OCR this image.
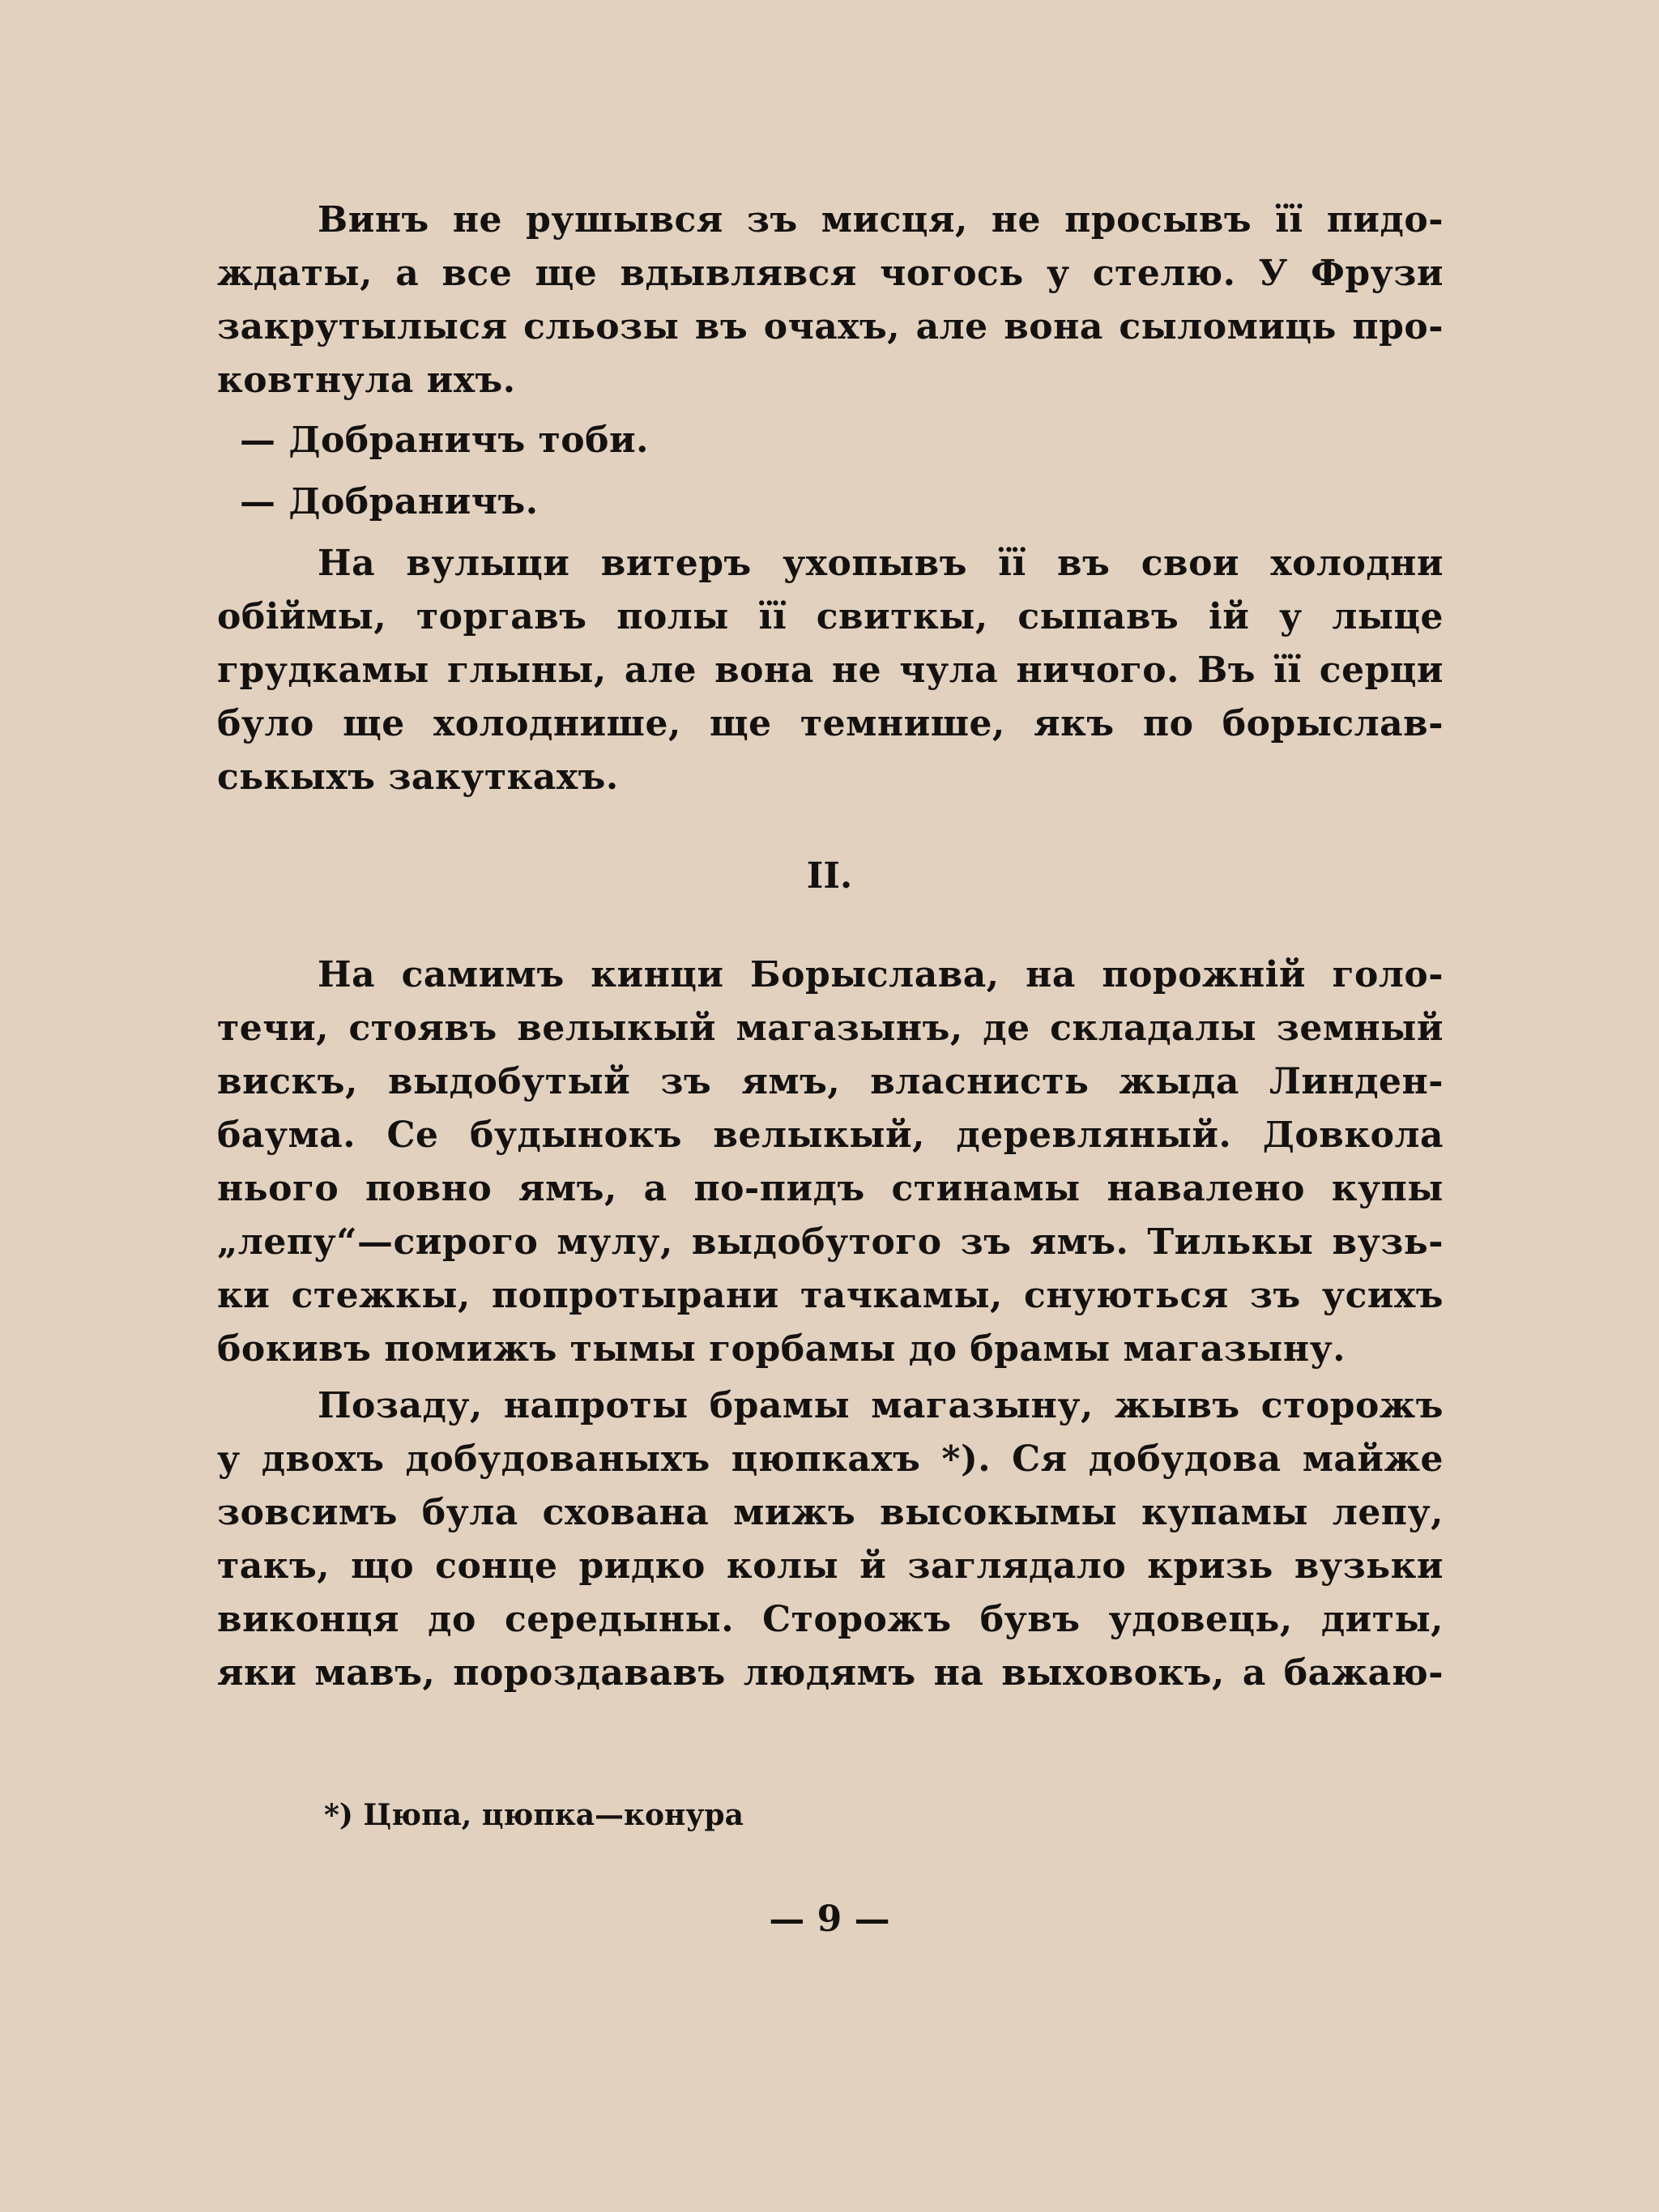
Винъ не рушывся зъ мисця, не просывъ її пидо-
ждаты, а все ще вдывлявся чогось у стелю. У Фрузи
закрутылыся сльозы въ очахъ, але вона сыломиць про-
ковтнула ихъ.
— Добраничъ тоби.
— Добраничъ.
На вулыци витеръ ухопывъ її въ свои холодни
обiймы, торгавъ полы її свиткы, сыпавъ ій у лыце
грудкамы глыны, але вона не чула ничого. Въ її серци
було ще холоднише, ще темнише, якъ по борыслав-
ськыхъ закуткахъ.
II.
На самимъ кинци Борыслава, на порожній голо-
течи, стоявъ велыкый магазынъ, де складалы земный
вискъ, выдобутый зъ ямъ, власнисть жыда Линден-
баума. Се будынокъ велыкый, деревляный. Довкола
нього повно ямъ, а по-пидъ стинамы навалено купы
„лепу“—сирого мулу, выдобутого зъ ямъ. Тилькы вузь-
ки стежкы, попротырани тачкамы, снуються зъ усихъ
бокивъ помижъ тымы горбамы до брамы магазыну.
Позаду, напроты брамы магазыну, жывъ сторожъ
у двохъ добудованыхъ цюпкахъ *). Ся добудова майже
зовсимъ була схована мижъ высокымы купамы лепу,
такъ, що сонце ридко колы й заглядало кризь вузьки
виконця до середыны. Сторожъ бувъ удовець, диты,
яки мавъ, пороздававъ людямъ на выховокъ, а бажаю-
*) Цюпа, цюпка—конура
— 9 —
